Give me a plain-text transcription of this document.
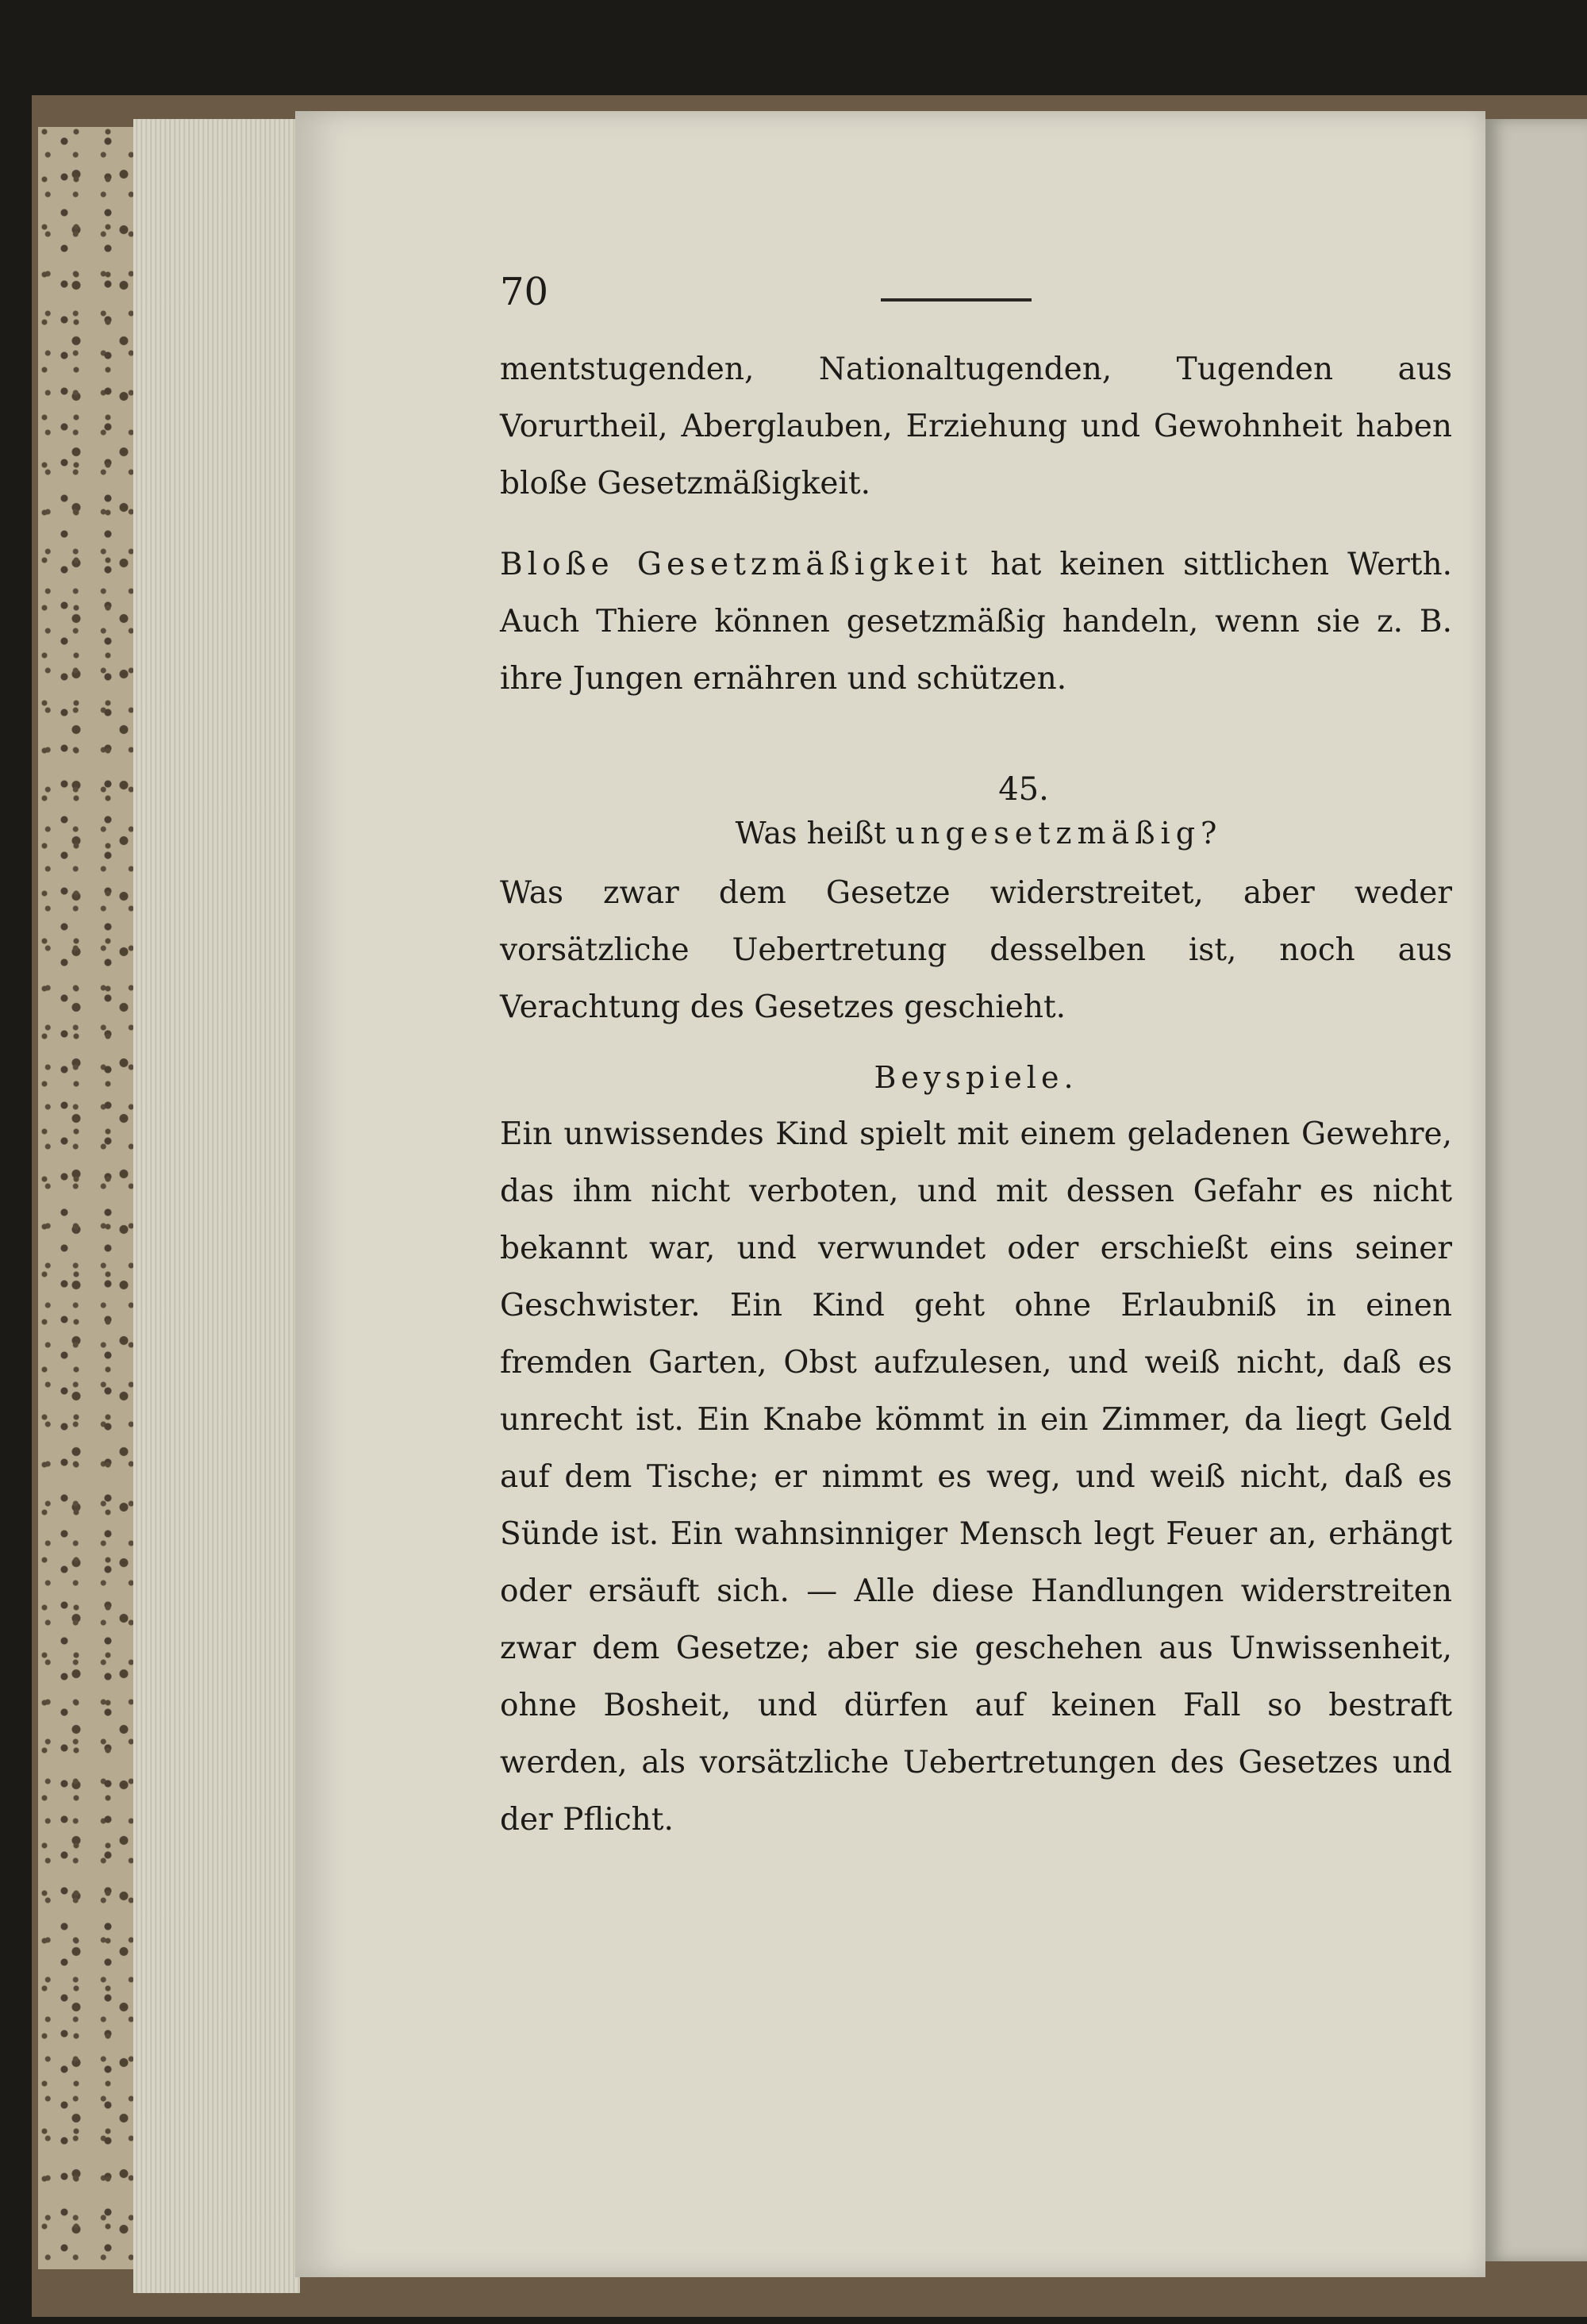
70

mentstugenden, Nationaltugenden, Tugenden aus Vorurtheil, Aberglauben, Erziehung und Gewohnheit haben bloße Gesetzmäßigkeit.

Bloße Gesetzmäßigkeit hat keinen sittlichen Werth. Auch Thiere können gesetzmäßig handeln, wenn sie z. B. ihre Jungen ernähren und schützen.

45.
Was heißt ungesetzmäßig?

Was zwar dem Gesetze widerstreitet, aber weder vorsätzliche Uebertretung desselben ist, noch aus Verachtung des Gesetzes geschieht.

Beyspiele.

Ein unwissendes Kind spielt mit einem geladenen Gewehre, das ihm nicht verboten, und mit dessen Gefahr es nicht bekannt war, und verwundet oder erschießt eins seiner Geschwister. Ein Kind geht ohne Erlaubniß in einen fremden Garten, Obst aufzulesen, und weiß nicht, daß es unrecht ist. Ein Knabe kömmt in ein Zimmer, da liegt Geld auf dem Tische; er nimmt es weg, und weiß nicht, daß es Sünde ist. Ein wahnsinniger Mensch legt Feuer an, erhängt oder ersäuft sich. — Alle diese Handlungen widerstreiten zwar dem Gesetze; aber sie geschehen aus Unwissenheit, ohne Bosheit, und dürfen auf keinen Fall so bestraft werden, als vorsätzliche Uebertretungen des Gesetzes und der Pflicht.
